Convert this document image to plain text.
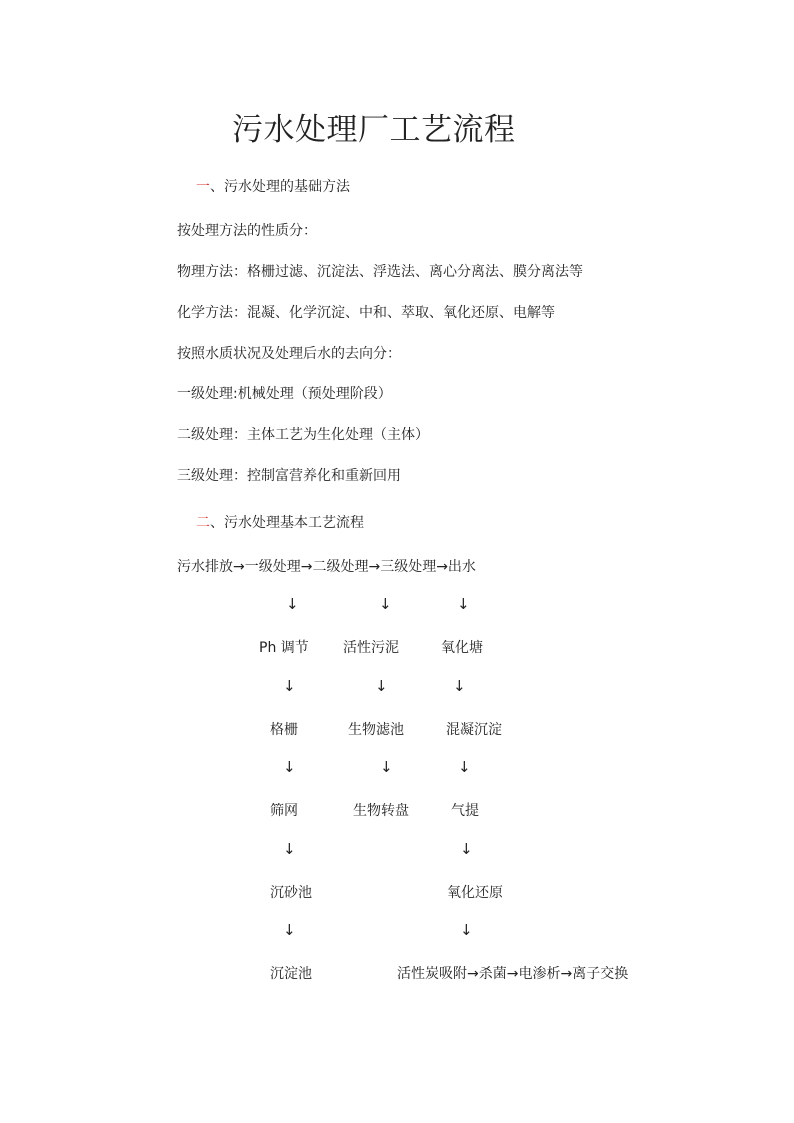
污水处理厂工艺流程
一、污水处理的基础方法
按处理方法的性质分：
物理方法：格栅过滤、沉淀法、浮选法、离心分离法、膜分离法等
化学方法：混凝、化学沉淀、中和、萃取、氧化还原、电解等
按照水质状况及处理后水的去向分：
一级处理:机械处理（预处理阶段）
二级处理：主体工艺为生化处理（主体）
三级处理：控制富营养化和重新回用
二、污水处理基本工艺流程
污水排放→一级处理→二级处理→三级处理→出水
↓	↓	↓
Ph 调节 活性污泥	氧化塘
↓	↓	↓
格栅	生物滤池	混凝沉淀
↓	↓	↓
筛网	生物转盘	气提
↓	↓
沉砂池	氧化还原
↓	↓
沉淀池	活性炭吸附→杀菌→电渗析→离子交换
